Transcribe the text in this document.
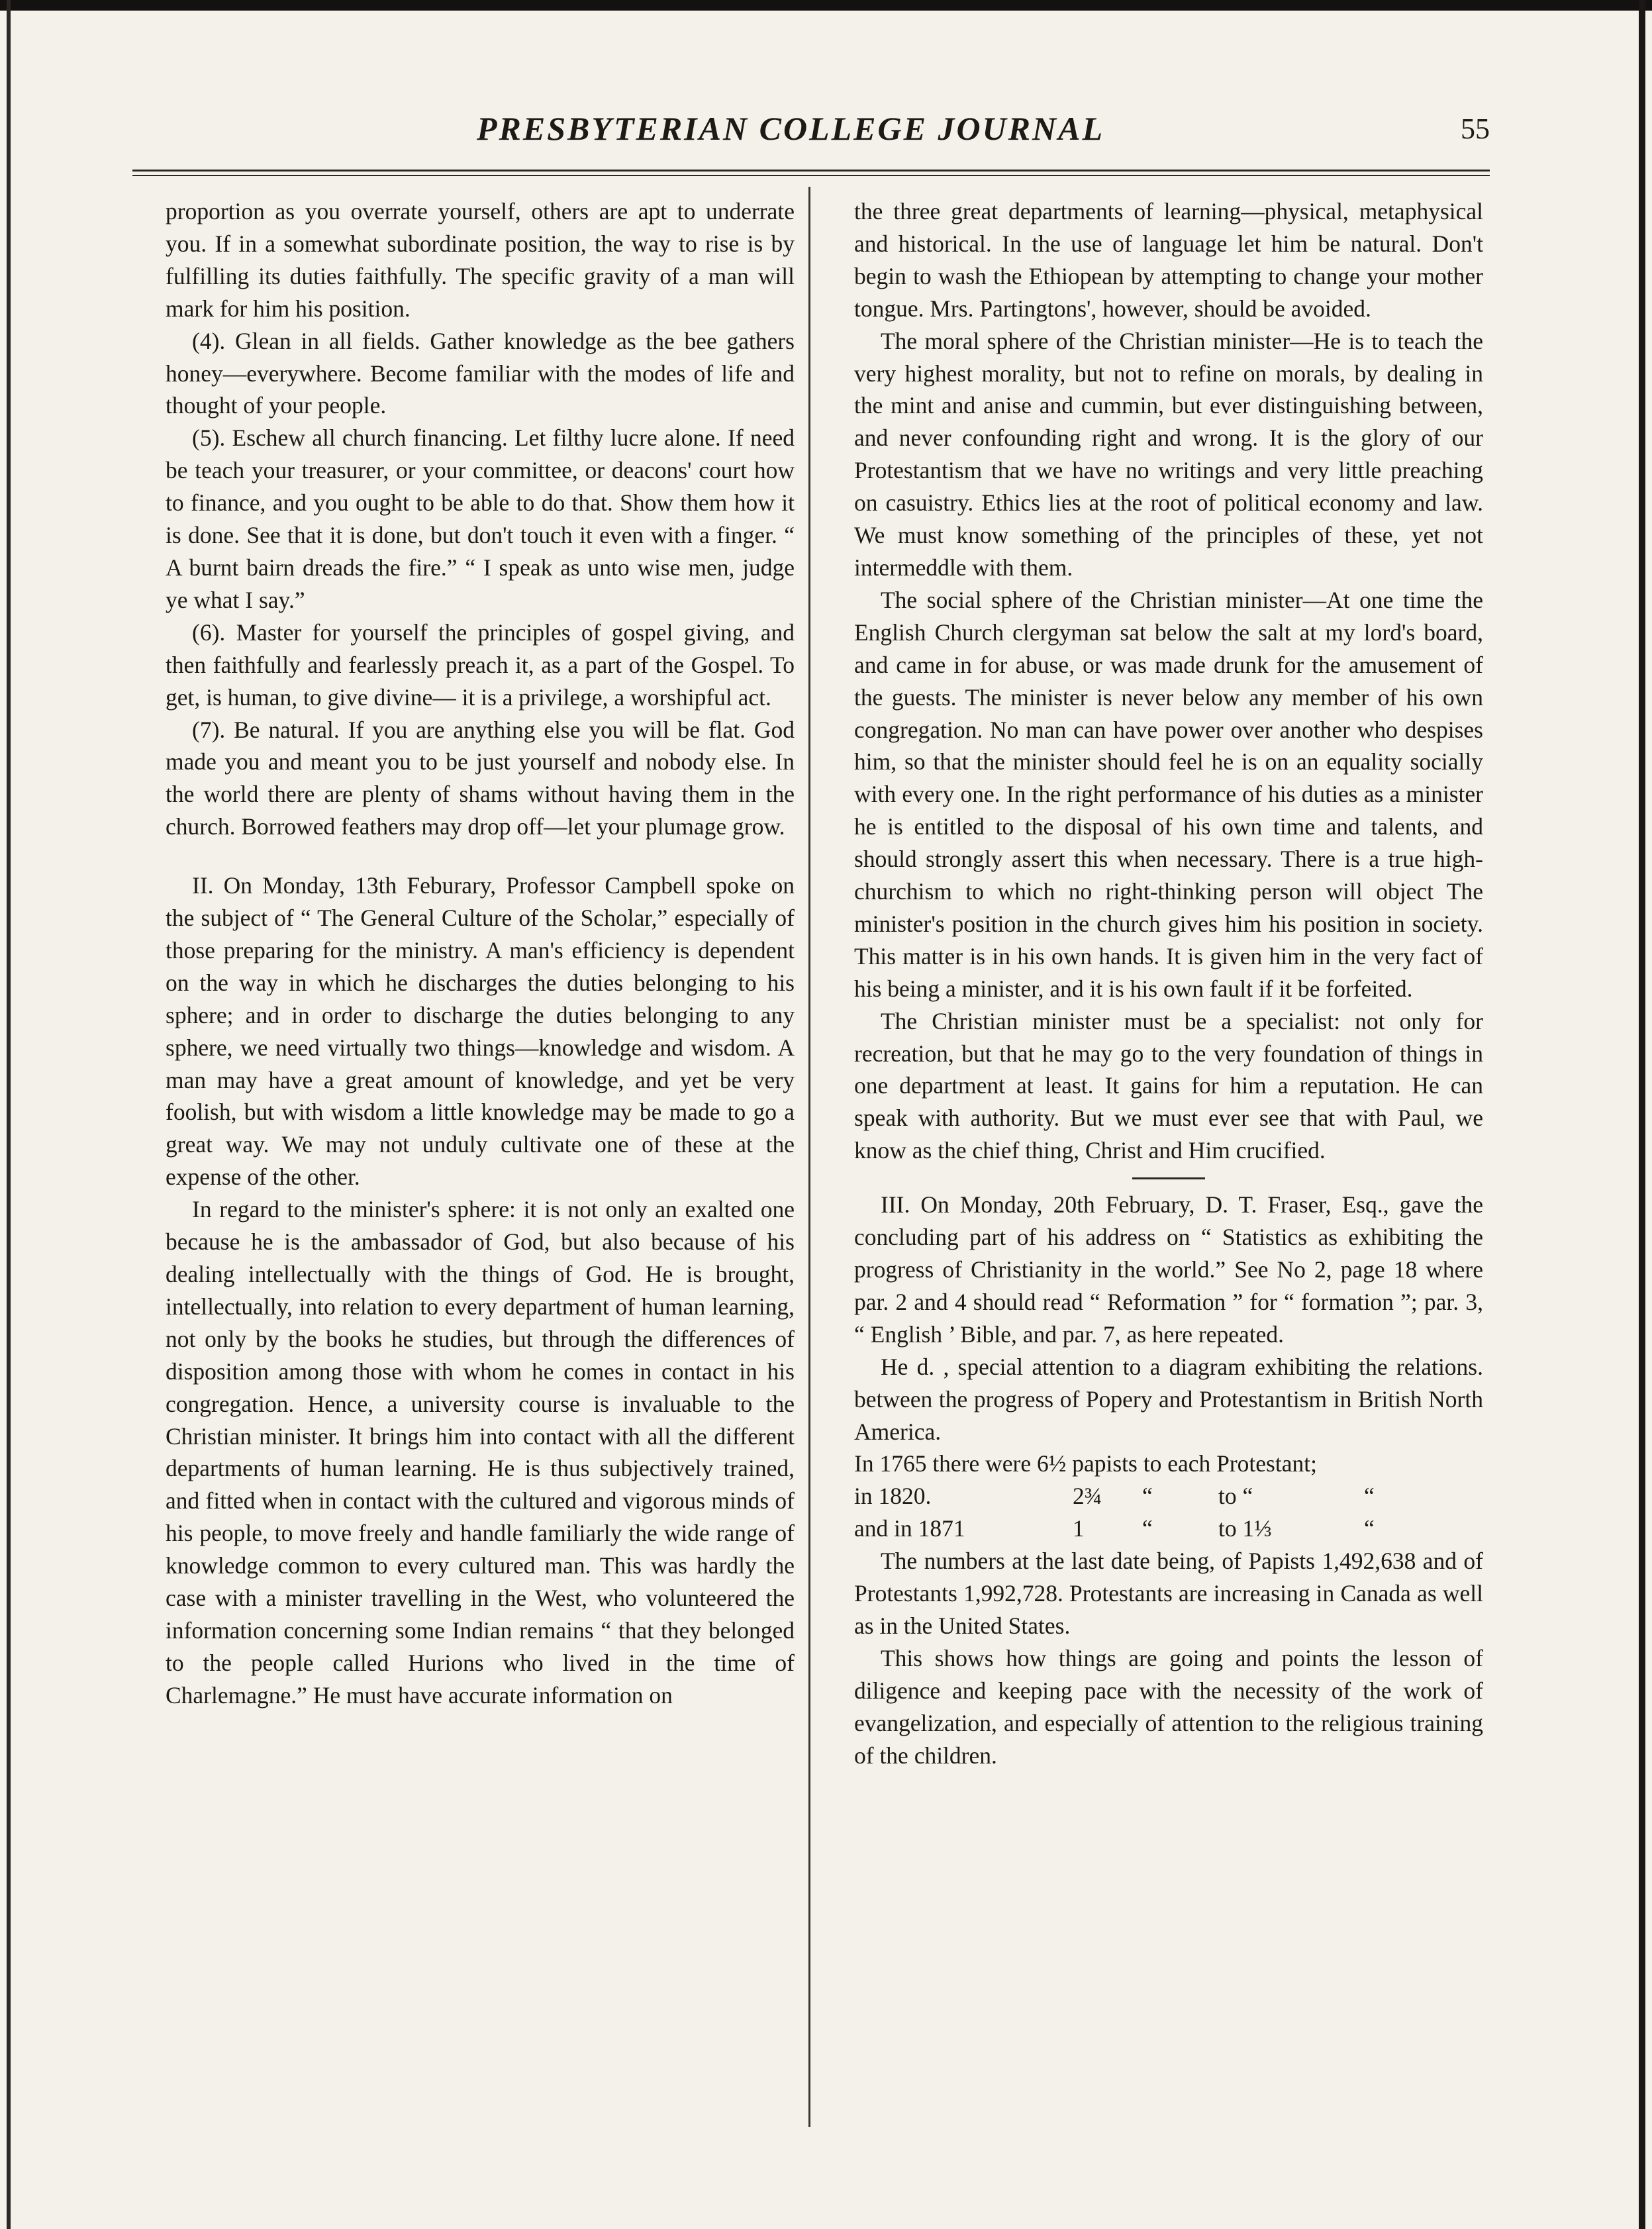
PRESBYTERIAN COLLEGE JOURNAL	55

proportion as you overrate yourself, others are apt to underrate you. If in a somewhat subordinate position, the way to rise is by fulfilling its duties faithfully. The specific gravity of a man will mark for him his position.

(4). Glean in all fields. Gather knowledge as the bee gathers honey—everywhere. Become familiar with the modes of life and thought of your people.

(5). Eschew all church financing. Let filthy lucre alone. If need be teach your treasurer, or your committee, or deacons' court how to finance, and you ought to be able to do that. Show them how it is done. See that it is done, but don't touch it even with a finger. “ A burnt bairn dreads the fire.” “ I speak as unto wise men, judge ye what I say.”

(6). Master for yourself the principles of gospel giving, and then faithfully and fearlessly preach it, as a part of the Gospel. To get, is human, to give divine— it is a privilege, a worshipful act.

(7). Be natural. If you are anything else you will be flat. God made you and meant you to be just yourself and nobody else. In the world there are plenty of shams without having them in the church. Borrowed feathers may drop off—let your plumage grow.

II. On Monday, 13th Feburary, Professor Campbell spoke on the subject of “ The General Culture of the Scholar,” especially of those preparing for the ministry. A man's efficiency is dependent on the way in which he discharges the duties belonging to his sphere; and in order to discharge the duties belonging to any sphere, we need virtually two things—knowledge and wisdom. A man may have a great amount of knowledge, and yet be very foolish, but with wisdom a little knowledge may be made to go a great way. We may not unduly cultivate one of these at the expense of the other.

In regard to the minister's sphere: it is not only an exalted one because he is the ambassador of God, but also because of his dealing intellectually with the things of God. He is brought, intellectually, into relation to every department of human learning, not only by the books he studies, but through the differences of disposition among those with whom he comes in contact in his congregation. Hence, a university course is invaluable to the Christian minister. It brings him into contact with all the different departments of human learning. He is thus subjectively trained, and fitted when in contact with the cultured and vigorous minds of his people, to move freely and handle familiarly the wide range of knowledge common to every cultured man. This was hardly the case with a minister travelling in the West, who volunteered the information concerning some Indian remains “ that they belonged to the people called Hurions who lived in the time of Charlemagne.” He must have accurate information on

the three great departments of learning—physical, metaphysical and historical. In the use of language let him be natural. Don't begin to wash the Ethiopean by attempting to change your mother tongue. Mrs. Partingtons', however, should be avoided.

The moral sphere of the Christian minister—He is to teach the very highest morality, but not to refine on morals, by dealing in the mint and anise and cummin, but ever distinguishing between, and never confounding right and wrong. It is the glory of our Protestantism that we have no writings and very little preaching on casuistry. Ethics lies at the root of political economy and law. We must know something of the principles of these, yet not intermeddle with them.

The social sphere of the Christian minister—At one time the English Church clergyman sat below the salt at my lord's board, and came in for abuse, or was made drunk for the amusement of the guests. The minister is never below any member of his own congregation. No man can have power over another who despises him, so that the minister should feel he is on an equality socially with every one. In the right performance of his duties as a minister he is entitled to the disposal of his own time and talents, and should strongly assert this when necessary. There is a true high-churchism to which no right-thinking person will object The minister's position in the church gives him his position in society. This matter is in his own hands. It is given him in the very fact of his being a minister, and it is his own fault if it be forfeited.

The Christian minister must be a specialist: not only for recreation, but that he may go to the very foundation of things in one department at least. It gains for him a reputation. He can speak with authority. But we must ever see that with Paul, we know as the chief thing, Christ and Him crucified.

III. On Monday, 20th February, D. T. Fraser, Esq., gave the concluding part of his address on “ Statistics as exhibiting the progress of Christianity in the world.” See No 2, page 18 where par. 2 and 4 should read “ Reformation ” for “ formation ”; par. 3, “ English ’ Bible, and par. 7, as here repeated.

He d. , special attention to a diagram exhibiting the relations. between the progress of Popery and Protestantism in British North America.

In 1765 there were 6½ papists to each Protestant;

in 1820.	2¾	“	to “	“
and in 1871	1	“	to 1⅓	“

The numbers at the last date being, of Papists 1,492,638 and of Protestants 1,992,728. Protestants are increasing in Canada as well as in the United States.

This shows how things are going and points the lesson of diligence and keeping pace with the necessity of the work of evangelization, and especially of attention to the religious training of the children.
